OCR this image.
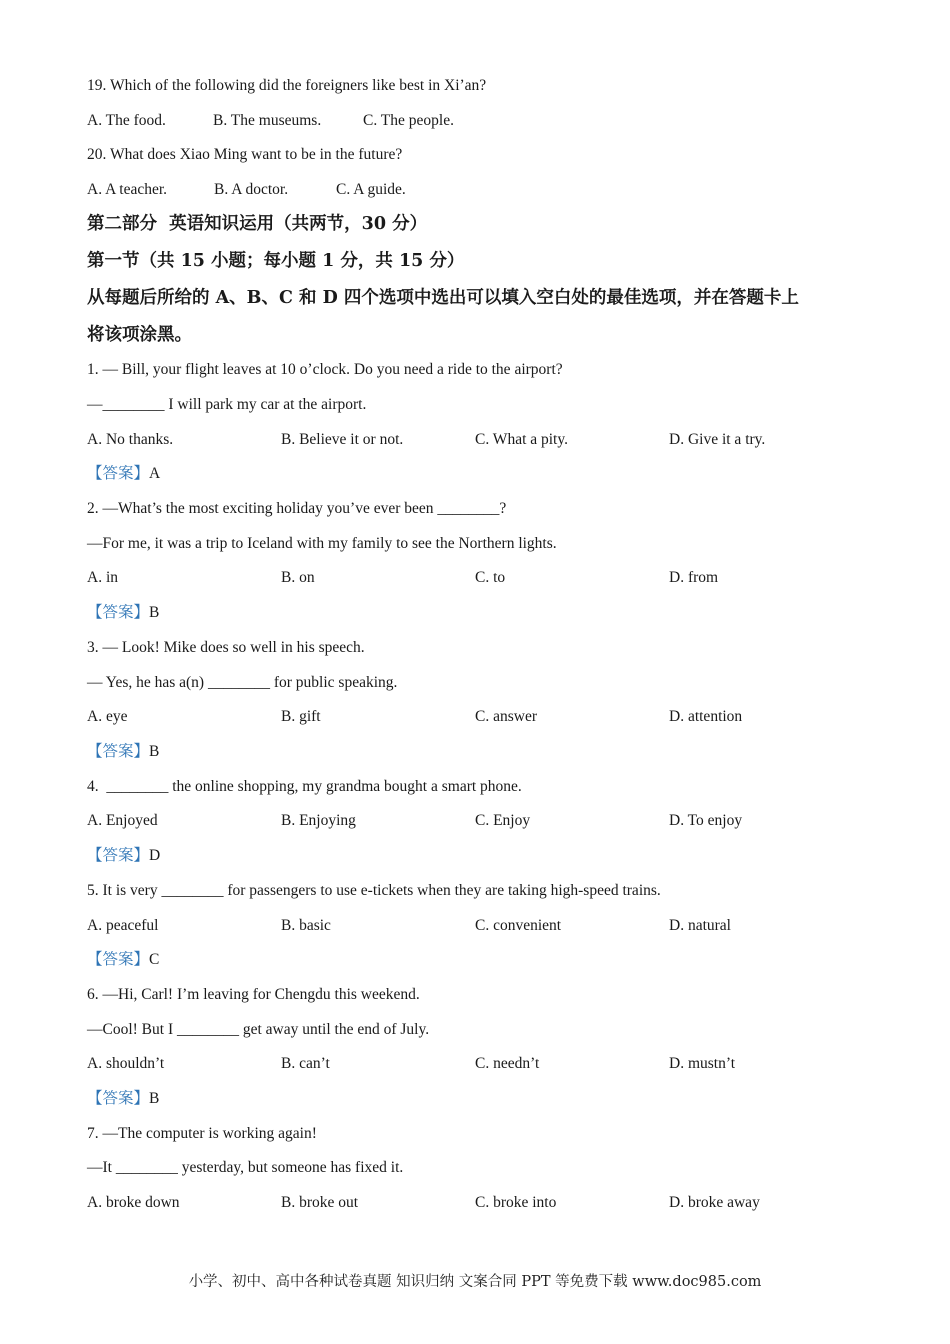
19. Which of the following did the foreigners like best in Xi’an?
A. The food.	B. The museums.	C. The people.
20. What does Xiao Ming want to be in the future?
A. A teacher.	B. A doctor.	C. A guide.
第二部分  英语知识运用（共两节，30 分）
第一节（共 15 小题；每小题 1 分，共 15 分）
从每题后所给的 A、B、C 和 D 四个选项中选出可以填入空白处的最佳选项，并在答题卡上
将该项涂黑。
1. — Bill, your flight leaves at 10 o’clock. Do you need a ride to the airport?
—________ I will park my car at the airport.
A. No thanks.	B. Believe it or not.	C. What a pity.	D. Give it a try.
【答案】A
2. —What’s the most exciting holiday you’ve ever been ________?
—For me, it was a trip to Iceland with my family to see the Northern lights.
A. in	B. on	C. to	D. from
【答案】B
3. — Look! Mike does so well in his speech.
— Yes, he has a(n) ________ for public speaking.
A. eye	B. gift	C. answer	D. attention
【答案】B
4.  ________ the online shopping, my grandma bought a smart phone.
A. Enjoyed	B. Enjoying	C. Enjoy	D. To enjoy
【答案】D
5. It is very ________ for passengers to use e-tickets when they are taking high-speed trains.
A. peaceful	B. basic	C. convenient	D. natural
【答案】C
6. —Hi, Carl! I’m leaving for Chengdu this weekend.
—Cool! But I ________ get away until the end of July.
A. shouldn’t	B. can’t	C. needn’t	D. mustn’t
【答案】B
7. —The computer is working again!
—It ________ yesterday, but someone has fixed it.
A. broke down	B. broke out	C. broke into	D. broke away
小学、初中、高中各种试卷真题 知识归纳 文案合同 PPT 等免费下载 www.doc985.com
